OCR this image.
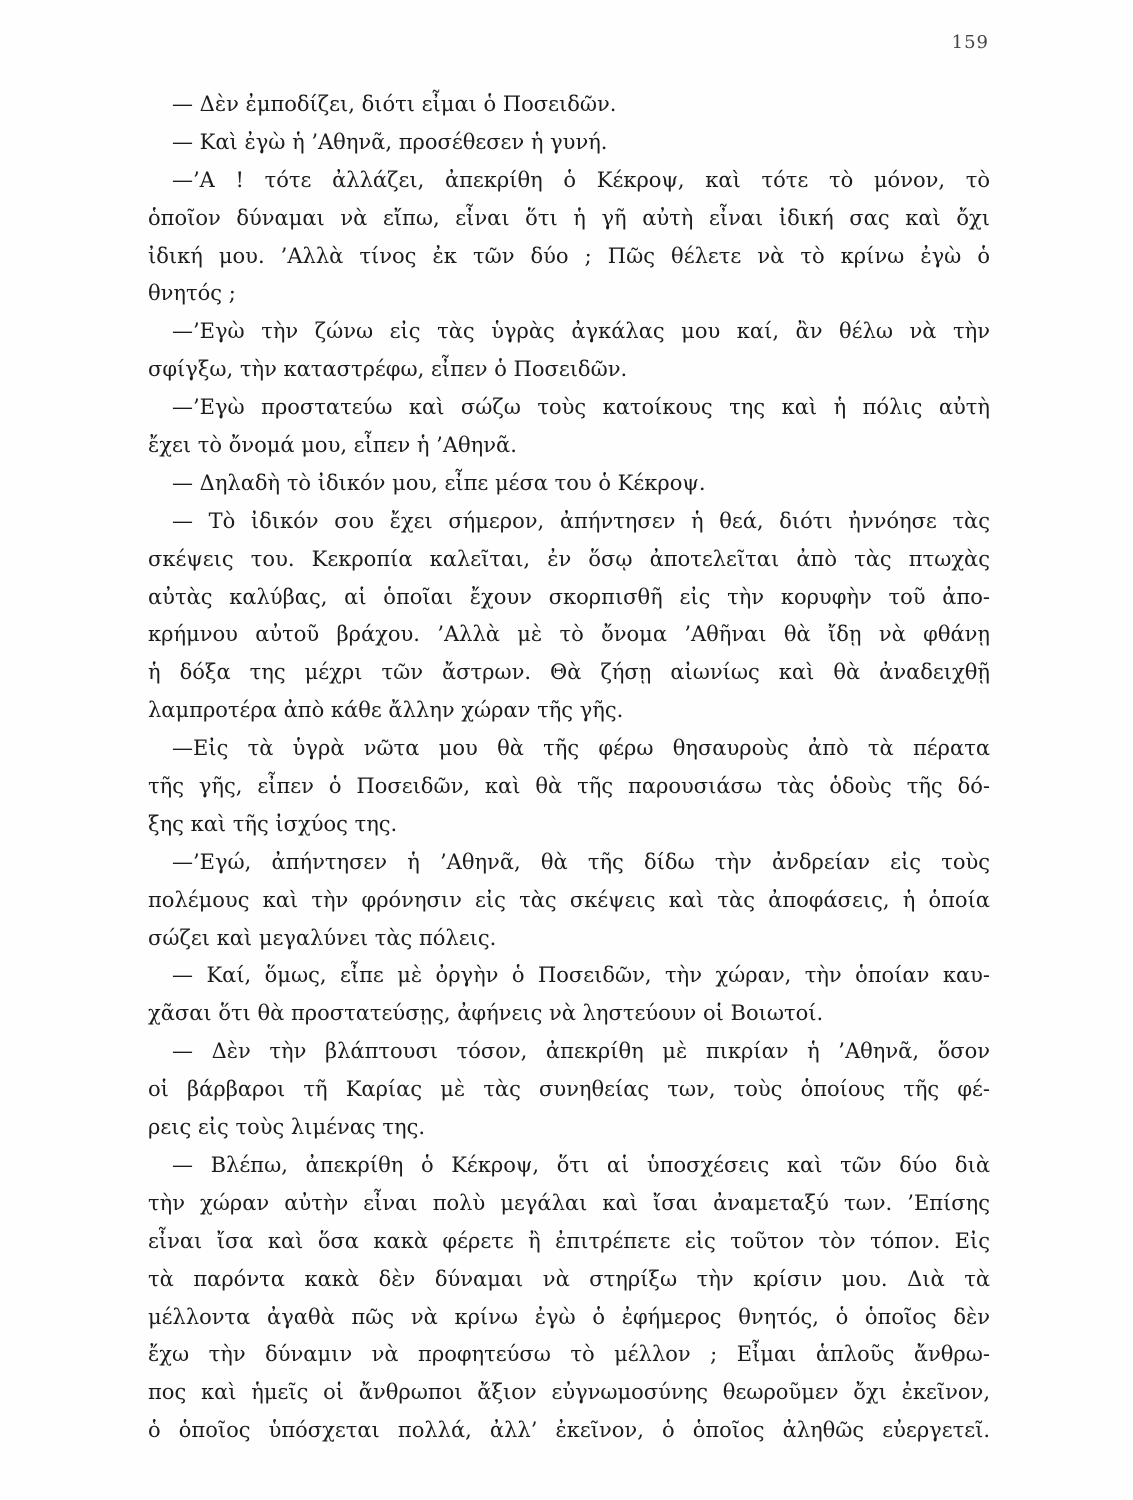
159
— Δὲν ἐμποδίζει, διότι εἶμαι ὁ Ποσειδῶν.
— Καὶ ἐγὼ ἡ ’Αθηνᾶ, προσέθεσεν ἡ γυνή.
—’Α ! τότε ἀλλάζει, ἀπεκρίθη ὁ Κέκροψ, καὶ τότε τὸ μόνον, τὸ
ὁποῖον δύναμαι νὰ εἴπω, εἶναι ὅτι ἡ γῆ αὐτὴ εἶναι ἰδική σας καὶ ὄχι
ἰδική μου. ’Αλλὰ τίνος ἐκ τῶν δύο ; Πῶς θέλετε νὰ τὸ κρίνω ἐγὼ ὁ
θνητός ;
—’Εγὼ τὴν ζώνω εἰς τὰς ὑγρὰς ἀγκάλας μου καί, ἂν θέλω νὰ τὴν
σφίγξω, τὴν καταστρέφω, εἶπεν ὁ Ποσειδῶν.
—’Εγὼ προστατεύω καὶ σώζω τοὺς κατοίκους της καὶ ἡ πόλις αὐτὴ
ἔχει τὸ ὄνομά μου, εἶπεν ἡ ’Αθηνᾶ.
— Δηλαδὴ τὸ ἰδικόν μου, εἶπε μέσα του ὁ Κέκροψ.
— Τὸ ἰδικόν σου ἔχει σήμερον, ἀπήντησεν ἡ θεά, διότι ἠννόησε τὰς
σκέψεις του. Κεκροπία καλεῖται, ἐν ὅσῳ ἀποτελεῖται ἀπὸ τὰς πτωχὰς
αὐτὰς καλύβας, αἱ ὁποῖαι ἔχουν σκορπισθῆ εἰς τὴν κορυφὴν τοῦ ἀπο-
κρήμνου αὐτοῦ βράχου. ’Αλλὰ μὲ τὸ ὄνομα ’Αθῆναι θὰ ἴδῃ νὰ φθάνῃ
ἡ δόξα της μέχρι τῶν ἄστρων. Θὰ ζήσῃ αἰωνίως καὶ θὰ ἀναδειχθῇ
λαμπροτέρα ἀπὸ κάθε ἄλλην χώραν τῆς γῆς.
—Εἰς τὰ ὑγρὰ νῶτα μου θὰ τῆς φέρω θησαυροὺς ἀπὸ τὰ πέρατα
τῆς γῆς, εἶπεν ὁ Ποσειδῶν, καὶ θὰ τῆς παρουσιάσω τὰς ὁδοὺς τῆς δό-
ξης καὶ τῆς ἰσχύος της.
—’Εγώ, ἀπήντησεν ἡ ’Αθηνᾶ, θὰ τῆς δίδω τὴν ἀνδρείαν εἰς τοὺς
πολέμους καὶ τὴν φρόνησιν εἰς τὰς σκέψεις καὶ τὰς ἀποφάσεις, ἡ ὁποία
σώζει καὶ μεγαλύνει τὰς πόλεις.
— Καί, ὅμως, εἶπε μὲ ὀργὴν ὁ Ποσειδῶν, τὴν χώραν, τὴν ὁποίαν καυ-
χᾶσαι ὅτι θὰ προστατεύσῃς, ἀφήνεις νὰ ληστεύουν οἱ Βοιωτοί.
— Δὲν τὴν βλάπτουσι τόσον, ἀπεκρίθη μὲ πικρίαν ἡ ’Αθηνᾶ, ὅσον
οἱ βάρβαροι τῆ Καρίας μὲ τὰς συνηθείας των, τοὺς ὁποίους τῆς φέ-
ρεις εἰς τοὺς λιμένας της.
— Βλέπω, ἀπεκρίθη ὁ Κέκροψ, ὅτι αἱ ὑποσχέσεις καὶ τῶν δύο διὰ
τὴν χώραν αὐτὴν εἶναι πολὺ μεγάλαι καὶ ἴσαι ἀναμεταξύ των. ’Επίσης
εἶναι ἴσα καὶ ὅσα κακὰ φέρετε ἢ ἐπιτρέπετε εἰς τοῦτον τὸν τόπον. Εἰς
τὰ παρόντα κακὰ δὲν δύναμαι νὰ στηρίξω τὴν κρίσιν μου. Διὰ τὰ
μέλλοντα ἀγαθὰ πῶς νὰ κρίνω ἐγὼ ὁ ἐφήμερος θνητός, ὁ ὁποῖος δὲν
ἔχω τὴν δύναμιν νὰ προφητεύσω τὸ μέλλον ; Εἶμαι ἁπλοῦς ἄνθρω-
πος καὶ ἡμεῖς οἱ ἄνθρωποι ἄξιον εὐγνωμοσύνης θεωροῦμεν ὄχι ἐκεῖνον,
ὁ ὁποῖος ὑπόσχεται πολλά, ἀλλ’ ἐκεῖνον, ὁ ὁποῖος ἀληθῶς εὐεργετεῖ.
